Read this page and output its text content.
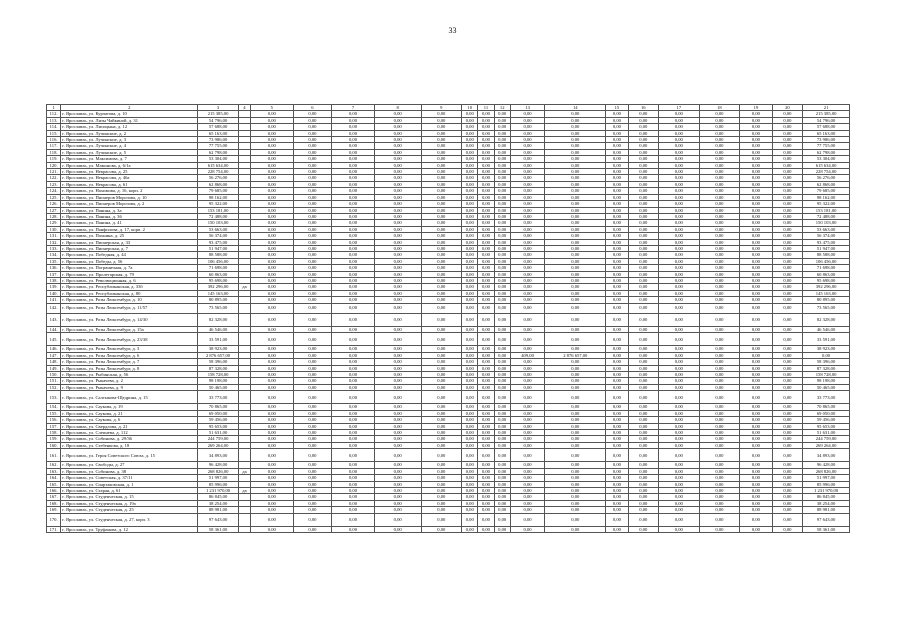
33
1	2	3	4	5	6	7	8	9	10	11	12	13	14	15	16	17	18	19	20	21
112.	г. Ярославль, ул. Курчатова, д. 10	215 385,00		0,00	0,00	0,00	0,00	0,00	0,00	0,00	0,00	0,00	0,00	0,00	0,00	0,00	0,00	0,00	0,00	215 385,00
113.	г. Ярославль, ул. Лизы Чайкиной, д. 31	54 796,00		0,00	0,00	0,00	0,00	0,00	0,00	0,00	0,00	0,00	0,00	0,00	0,00	0,00	0,00	0,00	0,00	54 796,00
114.	г. Ярославль, ул. Лисицына, д. 12	57 688,00		0,00	0,00	0,00	0,00	0,00	0,00	0,00	0,00	0,00	0,00	0,00	0,00	0,00	0,00	0,00	0,00	57 688,00
115.	г. Ярославль, ул. Лучинские, д. 2	65 163,00		0,00	0,00	0,00	0,00	0,00	0,00	0,00	0,00	0,00	0,00	0,00	0,00	0,00	0,00	0,00	0,00	65 163,00
116.	г. Ярославль, ул. Лучинские, д. 3	73 986,00		0,00	0,00	0,00	0,00	0,00	0,00	0,00	0,00	0,00	0,00	0,00	0,00	0,00	0,00	0,00	0,00	73 986,00
117.	г. Ярославль, ул. Лучинские, д. 4	77 755,00		0,00	0,00	0,00	0,00	0,00	0,00	0,00	0,00	0,00	0,00	0,00	0,00	0,00	0,00	0,00	0,00	77 755,00
118.	г. Ярославль, ул. Лучинские, д. 5	62 798,00		0,00	0,00	0,00	0,00	0,00	0,00	0,00	0,00	0,00	0,00	0,00	0,00	0,00	0,00	0,00	0,00	62 798,00
119.	г. Ярославль, ул. Максимова, д. 7	53 304,00		0,00	0,00	0,00	0,00	0,00	0,00	0,00	0,00	0,00	0,00	0,00	0,00	0,00	0,00	0,00	0,00	53 304,00
120.	г. Ярославль, ул. Мамонова, д. 6/1а	615 634,00		0,00	0,00	0,00	0,00	0,00	0,00	0,00	0,00	0,00	0,00	0,00	0,00	0,00	0,00	0,00	0,00	615 634,00
121.	г. Ярославль, ул. Некрасова, д. 25	228 754,00		0,00	0,00	0,00	0,00	0,00	0,00	0,00	0,00	0,00	0,00	0,00	0,00	0,00	0,00	0,00	0,00	228 754,00
122.	г. Ярославль, ул. Некрасова, д. 46а	56 276,00		0,00	0,00	0,00	0,00	0,00	0,00	0,00	0,00	0,00	0,00	0,00	0,00	0,00	0,00	0,00	0,00	56 276,00
123.	г. Ярославль, ул. Некрасова, д. 61	62 868,00		0,00	0,00	0,00	0,00	0,00	0,00	0,00	0,00	0,00	0,00	0,00	0,00	0,00	0,00	0,00	0,00	62 868,00
124.	г. Ярославль, ул. Нахимова, д. 16, корп. 2	79 685,00		0,00	0,00	0,00	0,00	0,00	0,00	0,00	0,00	0,00	0,00	0,00	0,00	0,00	0,00	0,00	0,00	79 685,00
125.	г. Ярославль, ул. Пионеров Морозова, д. 10	98 162,00		0,00	0,00	0,00	0,00	0,00	0,00	0,00	0,00	0,00	0,00	0,00	0,00	0,00	0,00	0,00	0,00	98 162,00
126.	г. Ярославль, ул. Пионеров Морозова, д. 2	95 322,00		0,00	0,00	0,00	0,00	0,00	0,00	0,00	0,00	0,00	0,00	0,00	0,00	0,00	0,00	0,00	0,00	95 322,00
127.	г. Ярославль, ул. Панина, д. 3а	153 181,00		0,00	0,00	0,00	0,00	0,00	0,00	0,00	0,00	0,00	0,00	0,00	0,00	0,00	0,00	0,00	0,00	153 181,00
128.	г. Ярославль, ул. Панина, д. 36	72 488,00		0,00	0,00	0,00	0,00	0,00	0,00	0,00	0,00	0,00	0,00	0,00	0,00	0,00	0,00	0,00	0,00	72 488,00
129.	г. Ярославль, ул. Панина, д. 41	150 103,00		0,00	0,00	0,00	0,00	0,00	0,00	0,00	0,00	0,00	0,00	0,00	0,00	0,00	0,00	0,00	0,00	150 103,00
130.	г. Ярославль, ул. Панфилова, д. 17, корп. 2	53 663,00		0,00	0,00	0,00	0,00	0,00	0,00	0,00	0,00	0,00	0,00	0,00	0,00	0,00	0,00	0,00	0,00	53 663,00
131.	г. Ярославль, ул. Пахнина, д. 25	56 374,00		0,00	0,00	0,00	0,00	0,00	0,00	0,00	0,00	0,00	0,00	0,00	0,00	0,00	0,00	0,00	0,00	56 374,00
132.	г. Ярославль, ул. Пионерская, д. 33	93 475,00		0,00	0,00	0,00	0,00	0,00	0,00	0,00	0,00	0,00	0,00	0,00	0,00	0,00	0,00	0,00	0,00	93 475,00
133.	г. Ярославль, ул. Пионерская, д. 7	51 947,00		0,00	0,00	0,00	0,00	0,00	0,00	0,00	0,00	0,00	0,00	0,00	0,00	0,00	0,00	0,00	0,00	51 947,00
134.	г. Ярославль, ул. Победная, д. 44	88 588,00		0,00	0,00	0,00	0,00	0,00	0,00	0,00	0,00	0,00	0,00	0,00	0,00	0,00	0,00	0,00	0,00	88 588,00
135.	г. Ярославль, ул. Победы, д. 56	106 456,00		0,00	0,00	0,00	0,00	0,00	0,00	0,00	0,00	0,00	0,00	0,00	0,00	0,00	0,00	0,00	0,00	106 456,00
136.	г. Ярославль, ул. Пограничная, д. 7а	71 698,00		0,00	0,00	0,00	0,00	0,00	0,00	0,00	0,00	0,00	0,00	0,00	0,00	0,00	0,00	0,00	0,00	71 698,00
137.	г. Ярославль, ул. Пролетарская, д. 79	60 863,00		0,00	0,00	0,00	0,00	0,00	0,00	0,00	0,00	0,00	0,00	0,00	0,00	0,00	0,00	0,00	0,00	60 863,00
138.	г. Ярославль, ул. Революционная, д. 6	95 698,00		0,00	0,00	0,00	0,00	0,00	0,00	0,00	0,00	0,00	0,00	0,00	0,00	0,00	0,00	0,00	0,00	95 698,00
139.	г. Ярославль, ул. Республиканская, д. 33б	392 296,00	да	0,00	0,00	0,00	0,00	0,00	0,00	0,00	0,00	0,00	0,00	0,00	0,00	0,00	0,00	0,00	0,00	392 296,00
140.	г. Ярославль, ул. Республиканская, д. 80	145 163,00		0,00	0,00	0,00	0,00	0,00	0,00	0,00	0,00	0,00	0,00	0,00	0,00	0,00	0,00	0,00	0,00	145 163,00
141.	г. Ярославль, ул. Розы Люксембург, д. 10	80 895,00		0,00	0,00	0,00	0,00	0,00	0,00	0,00	0,00	0,00	0,00	0,00	0,00	0,00	0,00	0,00	0,00	80 895,00
142.	г. Ярославль, ул. Розы Люксембург, д. 11/57	73 565,00		0,00	0,00	0,00	0,00	0,00	0,00	0,00	0,00	0,00	0,00	0,00	0,00	0,00	0,00	0,00	0,00	73 565,00
143.	г. Ярославль, ул. Розы Люксембург, д. 14/30	82 328,00		0,00	0,00	0,00	0,00	0,00	0,00	0,00	0,00	0,00	0,00	0,00	0,00	0,00	0,00	0,00	0,00	82 328,00
144.	г. Ярославль, ул. Розы Люксембург, д. 15а	46 546,00		0,00	0,00	0,00	0,00	0,00	0,00	0,00	0,00	0,00	0,00	0,00	0,00	0,00	0,00	0,00	0,00	46 546,00
145.	г. Ярославль, ул. Розы Люксембург, д. 23/38	33 591,00		0,00	0,00	0,00	0,00	0,00	0,00	0,00	0,00	0,00	0,00	0,00	0,00	0,00	0,00	0,00	0,00	33 591,00
146.	г. Ярославль, ул. Розы Люксембург, д. 3	38 923,00		0,00	0,00	0,00	0,00	0,00	0,00	0,00	0,00	0,00	0,00	0,00	0,00	0,00	0,00	0,00	0,00	38 923,00
147.	г. Ярославль, ул. Розы Люксембург, д. 6	2 876 657,00		0,00	0,00	0,00	0,00	0,00	0,00	0,00	0,00	409,00	2 876 657,00	0,00	0,00	0,00	0,00	0,00	0,00	0,00
148.	г. Ярославль, ул. Розы Люксембург, д. 7	58 396,00		0,00	0,00	0,00	0,00	0,00	0,00	0,00	0,00	0,00	0,00	0,00	0,00	0,00	0,00	0,00	0,00	58 396,00
149.	г. Ярославль, ул. Розы Люксембург, д. 8	87 328,00		0,00	0,00	0,00	0,00	0,00	0,00	0,00	0,00	0,00	0,00	0,00	0,00	0,00	0,00	0,00	0,00	87 328,00
150.	г. Ярославль, ул. Рыбинская, д. 56	158 728,00		0,00	0,00	0,00	0,00	0,00	0,00	0,00	0,00	0,00	0,00	0,00	0,00	0,00	0,00	0,00	0,00	158 728,00
151.	г. Ярославль, ул. Рыкачева, д. 2	98 198,00		0,00	0,00	0,00	0,00	0,00	0,00	0,00	0,00	0,00	0,00	0,00	0,00	0,00	0,00	0,00	0,00	98 198,00
152.	г. Ярославль, ул. Рыкачева, д. 9	50 465,00		0,00	0,00	0,00	0,00	0,00	0,00	0,00	0,00	0,00	0,00	0,00	0,00	0,00	0,00	0,00	0,00	50 465,00
153.	г. Ярославль, ул. Салтыкова-Щедрина, д. 15	33 773,00		0,00	0,00	0,00	0,00	0,00	0,00	0,00	0,00	0,00	0,00	0,00	0,00	0,00	0,00	0,00	0,00	33 773,00
154.	г. Ярославль, ул. Саукова, д. 19	70 865,00		0,00	0,00	0,00	0,00	0,00	0,00	0,00	0,00	0,00	0,00	0,00	0,00	0,00	0,00	0,00	0,00	70 865,00
155.	г. Ярославль, ул. Саукова, д. 21	69 050,00		0,00	0,00	0,00	0,00	0,00	0,00	0,00	0,00	0,00	0,00	0,00	0,00	0,00	0,00	0,00	0,00	69 050,00
156.	г. Ярославль, ул. Саукова, д. 6	59 456,00		0,00	0,00	0,00	0,00	0,00	0,00	0,00	0,00	0,00	0,00	0,00	0,00	0,00	0,00	0,00	0,00	59 456,00
157.	г. Ярославль, ул. Свердлова, д. 21	95 653,00		0,00	0,00	0,00	0,00	0,00	0,00	0,00	0,00	0,00	0,00	0,00	0,00	0,00	0,00	0,00	0,00	95 653,00
158.	г. Ярославль, ул. Слепнева, д. 112	51 631,00		0,00	0,00	0,00	0,00	0,00	0,00	0,00	0,00	0,00	0,00	0,00	0,00	0,00	0,00	0,00	0,00	51 631,00
159.	г. Ярославль, ул. Собинова, д. 29/36	244 759,00		0,00	0,00	0,00	0,00	0,00	0,00	0,00	0,00	0,00	0,00	0,00	0,00	0,00	0,00	0,00	0,00	244 759,00
160.	г. Ярославль, ул. Стебенкова, д. 18	269 264,00		0,00	0,00	0,00	0,00	0,00	0,00	0,00	0,00	0,00	0,00	0,00	0,00	0,00	0,00	0,00	0,00	269 264,00
161.	г. Ярославль, ул. Героя Советского Союза, д. 15	34 893,00		0,00	0,00	0,00	0,00	0,00	0,00	0,00	0,00	0,00	0,00	0,00	0,00	0,00	0,00	0,00	0,00	34 893,00
162.	г. Ярославль, ул. Свободы, д. 27	96 428,00		0,00	0,00	0,00	0,00	0,00	0,00	0,00	0,00	0,00	0,00	0,00	0,00	0,00	0,00	0,00	0,00	96 428,00
163.	г. Ярославль, ул. Собинова, д. 38	268 826,00	да	0,00	0,00	0,00	0,00	0,00	0,00	0,00	0,00	0,00	0,00	0,00	0,00	0,00	0,00	0,00	0,00	268 826,00
164.	г. Ярославль, ул. Советская, д. 37/11	51 997,00		0,00	0,00	0,00	0,00	0,00	0,00	0,00	0,00	0,00	0,00	0,00	0,00	0,00	0,00	0,00	0,00	51 997,00
165.	г. Ярославль, ул. Спартаковская, д. 1	85 996,00		0,00	0,00	0,00	0,00	0,00	0,00	0,00	0,00	0,00	0,00	0,00	0,00	0,00	0,00	0,00	0,00	85 996,00
166.	г. Ярославль, ул. Старая, д. 61	1 231 970,00	да	0,00	0,00	0,00	0,00	0,00	0,00	0,00	0,00	0,00	0,00	0,00	0,00	0,00	0,00	0,00	0,00	1 231 970,00
167.	г. Ярославль, ул. Студенческая, д. 15	86 845,00		0,00	0,00	0,00	0,00	0,00	0,00	0,00	0,00	0,00	0,00	0,00	0,00	0,00	0,00	0,00	0,00	86 845,00
168.	г. Ярославль, ул. Студенческая, д. 19а	38 254,00		0,00	0,00	0,00	0,00	0,00	0,00	0,00	0,00	0,00	0,00	0,00	0,00	0,00	0,00	0,00	0,00	38 254,00
169.	г. Ярославль, ул. Студенческая, д. 25	88 981,00		0,00	0,00	0,00	0,00	0,00	0,00	0,00	0,00	0,00	0,00	0,00	0,00	0,00	0,00	0,00	0,00	88 981,00
170.	г. Ярославль, ул. Студенческая, д. 27, корп. 3	97 643,00		0,00	0,00	0,00	0,00	0,00	0,00	0,00	0,00	0,00	0,00	0,00	0,00	0,00	0,00	0,00	0,00	97 643,00
171.	г. Ярославль, ул. Труфанова, д. 12	58 361,00		0,00	0,00	0,00	0,00	0,00	0,00	0,00	0,00	0,00	0,00	0,00	0,00	0,00	0,00	0,00	0,00	58 361,00
